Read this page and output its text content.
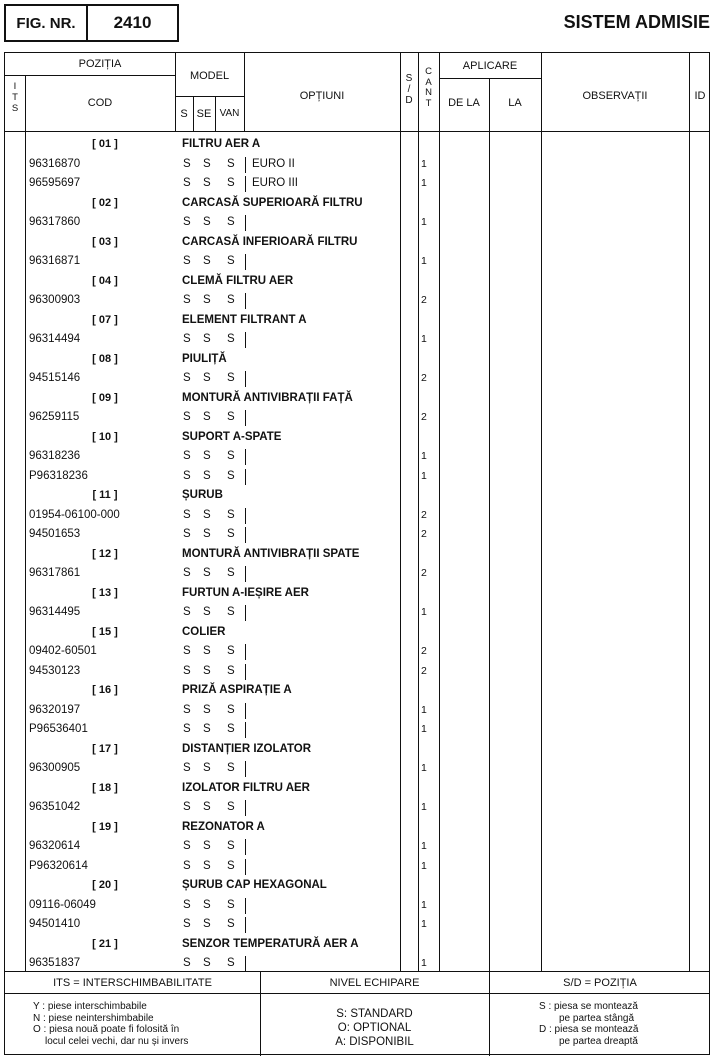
FIG. NR.	2410	SISTEM ADMISIE
POZIȚIA
I
T
S	COD
MODEL
S SE VAN
OPȚIUNI
S
/
D
C
A
N
T
APLICARE
DE LA	LA
OBSERVAȚII	ID
[ 01 ]	FILTRU AER A
96316870	S S S EURO II	1
96595697	S S S EURO III	1
[ 02 ]	CARCASĂ SUPERIOARĂ FILTRU
96317860	S S S	1
[ 03 ]	CARCASĂ INFERIOARĂ FILTRU
96316871	S S S	1
[ 04 ]	CLEMĂ FILTRU AER
96300903	S S S	2
[ 07 ]	ELEMENT FILTRANT A
96314494	S S S	1
[ 08 ]	PIULIȚĂ
94515146	S S S	2
[ 09 ]	MONTURĂ ANTIVIBRAȚII FAȚĂ
96259115	S S S	2
[ 10 ]	SUPORT A-SPATE
96318236	S S S	1
P96318236	S S S	1
[ 11 ]	ȘURUB
01954-06100-000	S S S	2
94501653	S S S	2
[ 12 ]	MONTURĂ ANTIVIBRAȚII SPATE
96317861	S S S	2
[ 13 ]	FURTUN A-IEȘIRE AER
96314495	S S S	1
[ 15 ]	COLIER
09402-60501	S S S	2
94530123	S S S	2
[ 16 ]	PRIZĂ ASPIRAȚIE A
96320197	S S S	1
P96536401	S S S	1
[ 17 ]	DISTANȚIER IZOLATOR
96300905	S S S	1
[ 18 ]	IZOLATOR FILTRU AER
96351042	S S S	1
[ 19 ]	REZONATOR A
96320614	S S S	1
P96320614	S S S	1
[ 20 ]	ȘURUB CAP HEXAGONAL
09116-06049	S S S	1
94501410	S S S	1
[ 21 ]	SENZOR TEMPERATURĂ AER A
96351837	S S S	1
ITS = INTERSCHIMBABILITATE
Y : piese interschimbabile
N : piese neintershimbabile
O : piesa nouă poate fi folosită în
locul celei vechi, dar nu și invers
NIVEL ECHIPARE
S: STANDARD
O: OPTIONAL
A: DISPONIBIL
S/D = POZIȚIA
S : piesa se montează
pe partea stângă
D : piesa se montează
pe partea dreaptă
